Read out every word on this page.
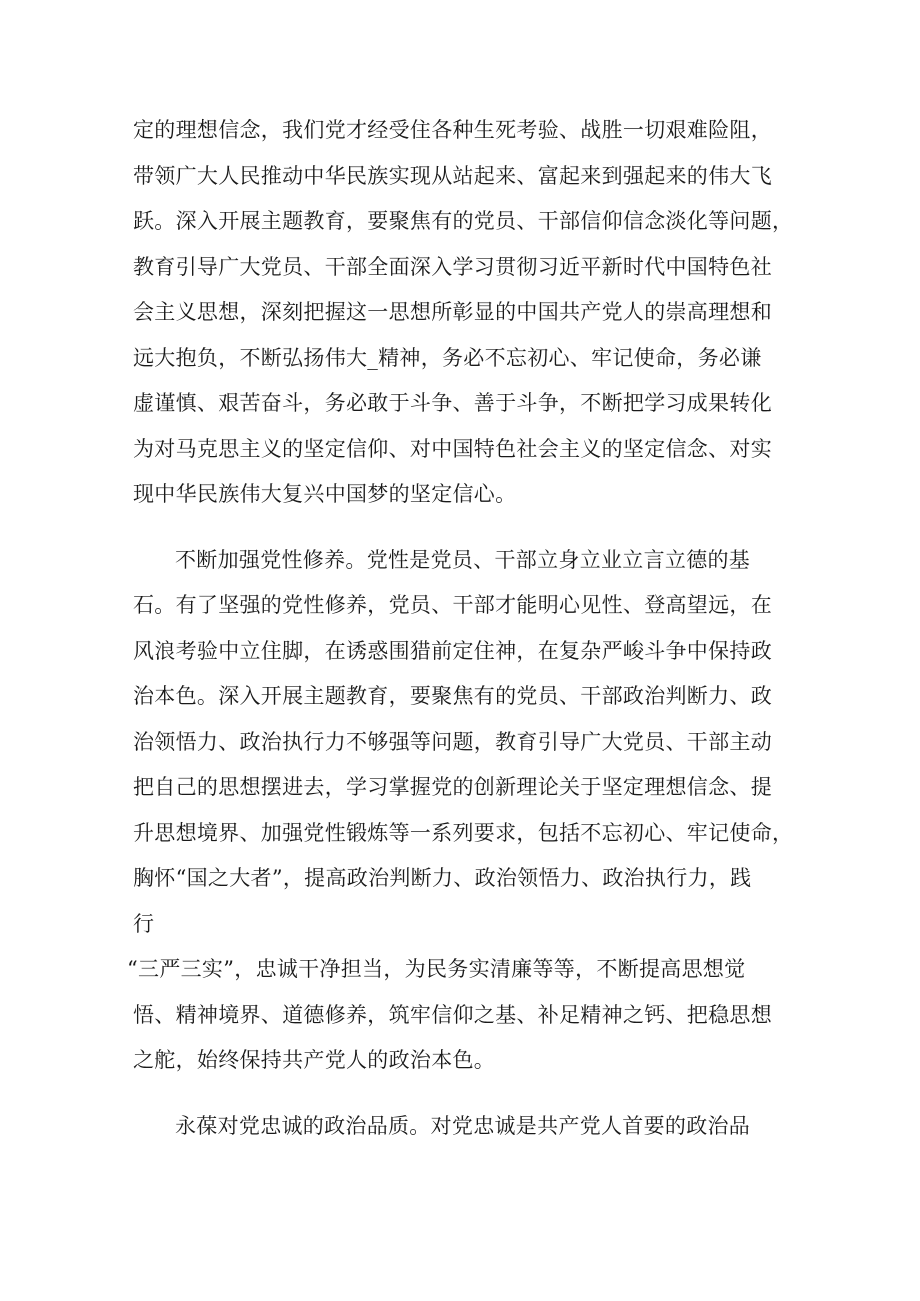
定的理想信念，我们党才经受住各种生死考验、战胜一切艰难险阻，
带领广大人民推动中华民族实现从站起来、富起来到强起来的伟大飞
跃。深入开展主题教育，要聚焦有的党员、干部信仰信念淡化等问题，
教育引导广大党员、干部全面深入学习贯彻习近平新时代中国特色社
会主义思想，深刻把握这一思想所彰显的中国共产党人的崇高理想和
远大抱负，不断弘扬伟大_精神，务必不忘初心、牢记使命，务必谦
虚谨慎、艰苦奋斗，务必敢于斗争、善于斗争，不断把学习成果转化
为对马克思主义的坚定信仰、对中国特色社会主义的坚定信念、对实
现中华民族伟大复兴中国梦的坚定信心。
不断加强党性修养。党性是党员、干部立身立业立言立德的基
石。有了坚强的党性修养，党员、干部才能明心见性、登高望远，在
风浪考验中立住脚，在诱惑围猎前定住神，在复杂严峻斗争中保持政
治本色。深入开展主题教育，要聚焦有的党员、干部政治判断力、政
治领悟力、政治执行力不够强等问题，教育引导广大党员、干部主动
把自己的思想摆进去，学习掌握党的创新理论关于坚定理想信念、提
升思想境界、加强党性锻炼等一系列要求，包括不忘初心、牢记使命，
胸怀“国之大者”，提高政治判断力、政治领悟力、政治执行力，践
行
“三严三实”，忠诚干净担当，为民务实清廉等等，不断提高思想觉
悟、精神境界、道德修养，筑牢信仰之基、补足精神之钙、把稳思想
之舵，始终保持共产党人的政治本色。
永葆对党忠诚的政治品质。对党忠诚是共产党人首要的政治品
